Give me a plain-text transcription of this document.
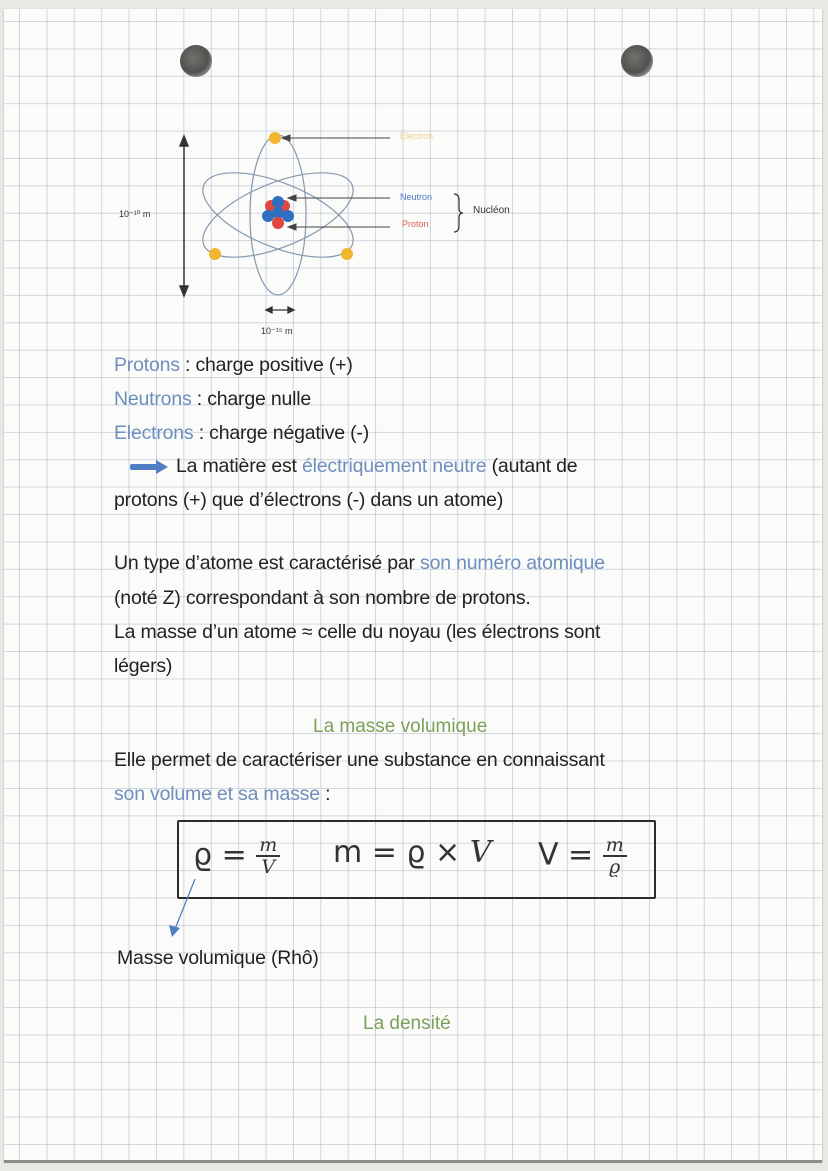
Electron
Neutron
Proton
Nucléon
10⁻¹⁰ m
10⁻¹⁵ m
Protons : charge positive (+)
Neutrons : charge nulle
Electrons : charge négative (-)
La matière est électriquement neutre (autant de
protons (+) que d’électrons (-) dans un atome)
Un type d’atome est caractérisé par son numéro atomique
(noté Z) correspondant à son nombre de protons.
La masse d’un atome ≈ celle du noyau (les électrons sont
légers)
La masse volumique
Elle permet de caractériser une substance en connaissant
son volume et sa masse :
$ϱ = \frac{m}{V}$ m = ϱ × V $V = \frac{m}{ϱ}$
Masse volumique (Rhô)
La densité
